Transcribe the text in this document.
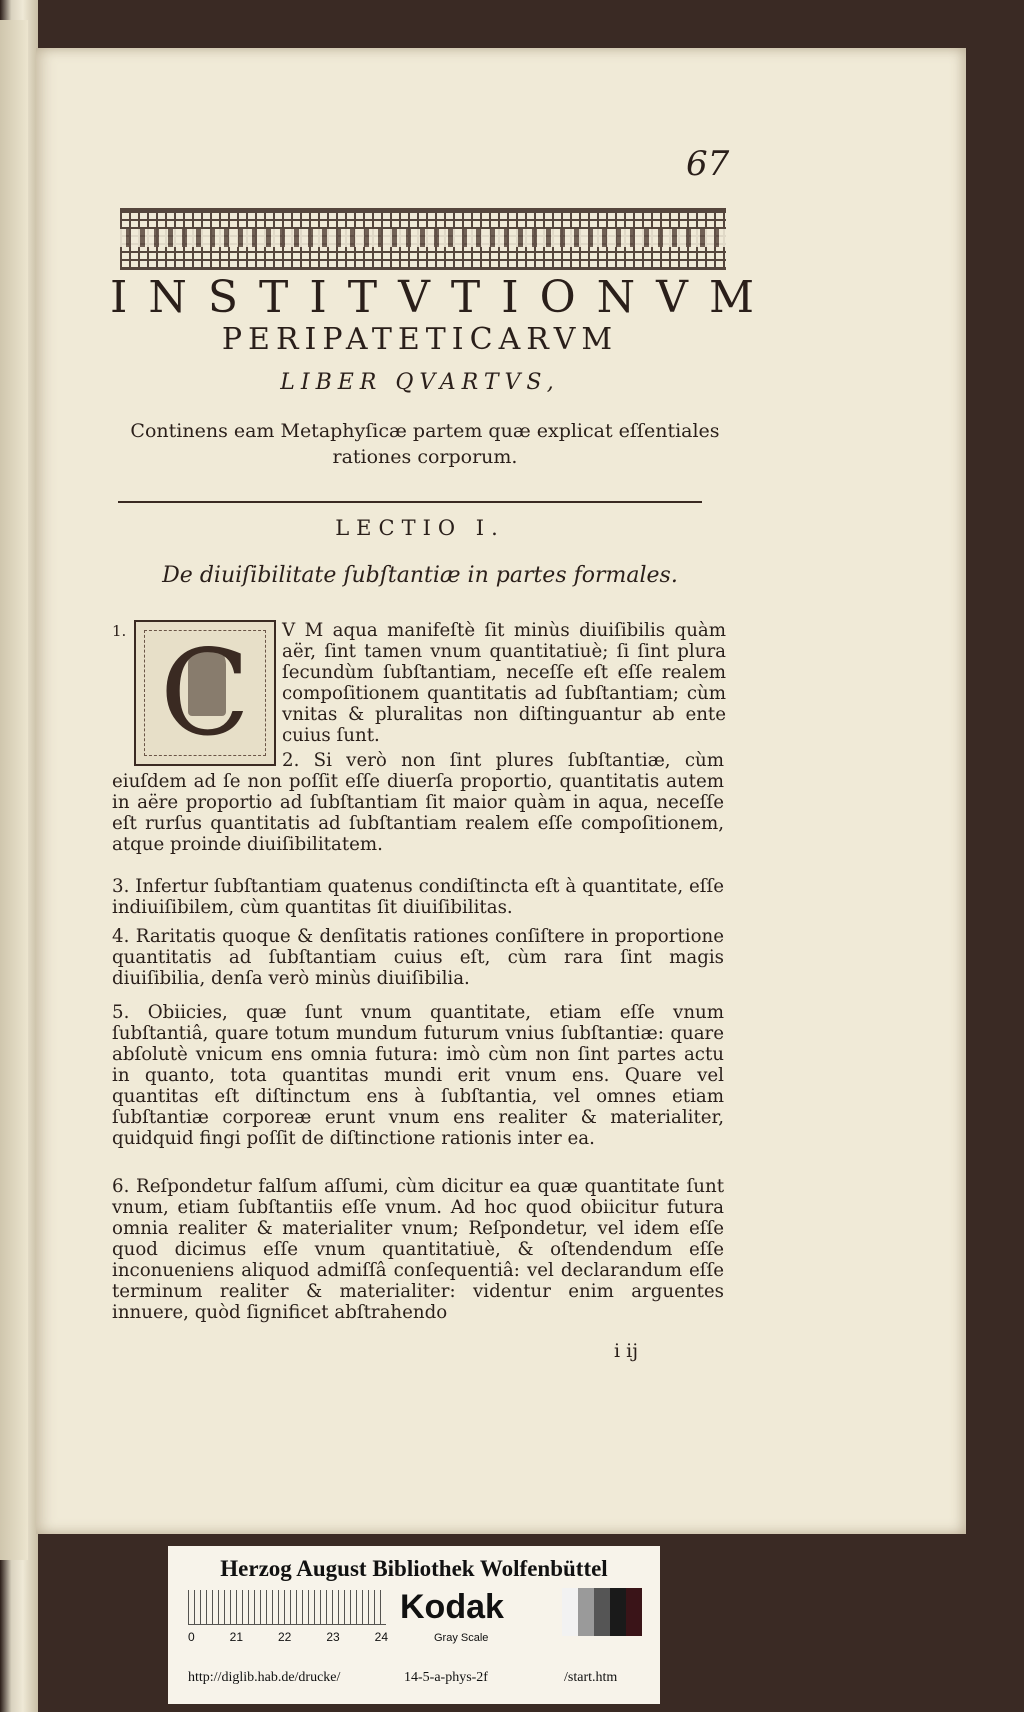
67
INSTITVTIONVM
PERIPATETICARVM
LIBER QVARTVS,
Continens eam Metaphyſicæ partem quæ explicat eſſentiales rationes corporum.
LECTIO I.
De diuiſibilitate ſubſtantiæ in partes formales.
1. C	V M aqua manifeſtè ſit minùs diuiſibilis quàm aër, ſint tamen vnum quantitatiuè; ſi ſint plura ſecundùm ſubſtantiam, neceſſe eſt eſſe realem compoſitionem quantitatis ad ſubſtantiam; cùm vnitas & pluralitas non diſtinguantur ab ente cuius ſunt.

2. Si verò non ſint plures ſubſtantiæ, cùm eiuſdem ad ſe non poſſit eſſe diuerſa proportio, quantitatis autem in aëre proportio ad ſubſtantiam ſit maior quàm in aqua, neceſſe eſt rurſus quantitatis ad ſubſtantiam realem eſſe compoſitionem, atque proinde diuiſibilitatem.

3. Infertur ſubſtantiam quatenus condiſtincta eſt à quantitate, eſſe indiuiſibilem, cùm quantitas ſit diuiſibilitas.

4. Raritatis quoque & denſitatis rationes conſiſtere in proportione quantitatis ad ſubſtantiam cuius eſt, cùm rara ſint magis diuiſibilia, denſa verò minùs diuiſibilia.

5. Obiicies, quæ ſunt vnum quantitate, etiam eſſe vnum ſubſtantiâ, quare totum mundum futurum vnius ſubſtantiæ: quare abſolutè vnicum ens omnia futura: imò cùm non ſint partes actu in quanto, tota quantitas mundi erit vnum ens. Quare vel quantitas eſt diſtinctum ens à ſubſtantia, vel omnes etiam ſubſtantiæ corporeæ erunt vnum ens realiter & materialiter, quidquid fingi poſſit de diſtinctione rationis inter ea.

6. Reſpondetur falſum aſſumi, cùm dicitur ea quæ quantitate ſunt vnum, etiam ſubſtantiis eſſe vnum. Ad hoc quod obiicitur futura omnia realiter & materialiter vnum; Reſpondetur, vel idem eſſe quod dicimus eſſe vnum quantitatiuè, & oſtendendum eſſe inconueniens aliquod admiſſâ conſequentiâ: vel declarandum eſſe terminum realiter & materialiter: videntur enim arguentes innuere, quòd ſignificet abſtrahendo

i ij
Herzog August Bibliothek Wolfenbüttel
0	21	22	23	24
Kodak
Gray Scale
http://diglib.hab.de/drucke/	14-5-a-phys-2f	/start.htm
